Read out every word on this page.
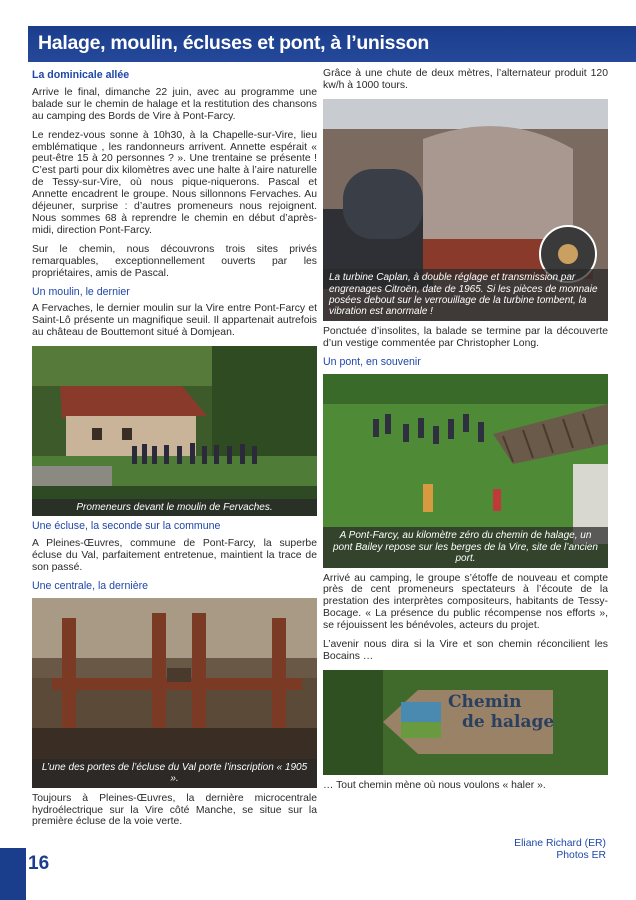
Halage, moulin, écluses et pont, à l’unisson
La dominicale allée

Arrive le final, dimanche 22 juin, avec au programme une balade sur le chemin de halage et la restitution des chansons au camping des Bords de Vire à Pont-Farcy.

Le rendez-vous sonne à 10h30, à la Chapelle-sur-Vire, lieu emblématique , les randonneurs arrivent. Annette espérait « peut-être 15 à 20 personnes ? ». Une trentaine se présente ! C’est parti pour dix kilomètres avec une halte à l’aire naturelle de Tessy-sur-Vire, où nous pique-niquerons. Pascal et Annette encadrent le groupe. Nous sillonnons Fervaches. Au déjeuner, surprise : d’autres promeneurs nous rejoignent. Nous sommes 68 à reprendre le chemin en début d’après-midi, direction Pont-Farcy.

Sur le chemin, nous découvrons trois sites privés remarquables, exceptionnellement ouverts par les propriétaires, amis de Pascal.

Un moulin, le dernier

A Fervaches, le dernier moulin sur la Vire entre Pont-Farcy et Saint-Lô présente un magnifique seuil. Il appartenait autrefois au château de Bouttemont situé à Domjean.

Promeneurs devant le moulin de Fervaches.
Une écluse, la seconde sur la commune

A Pleines-Œuvres, commune de Pont-Farcy, la superbe écluse du Val, parfaitement entretenue, maintient la trace de son passé.

Une centrale, la dernière
L’une des portes de l’écluse du Val porte l’inscription « 1905 ».

Toujours à Pleines-Œuvres, la dernière microcentrale hydroélectrique sur la Vire côté Manche, se situe sur la première écluse de la voie verte.

Grâce à une chute de deux mètres, l’alternateur produit 120 kw/h à 1000 tours.

La turbine Caplan, à double réglage et transmission par engrenages Citroën, date de 1965. Si les pièces de monnaie posées debout sur le verrouillage de la turbine tombent, la vibration est anormale !

Ponctuée d’insolites, la balade se termine par la découverte d’un vestige commentée par Christopher Long.

Un pont, en souvenir
A Pont-Farcy, au kilomètre zéro du chemin de halage, un pont Bailey repose sur les berges de la Vire, site de l’ancien port.

Arrivé au camping, le groupe s’étoffe de nouveau et compte près de cent promeneurs spectateurs à l’écoute de la prestation des interprètes compositeurs, habitants de Tessy-Bocage. « La présence du public récompense nos efforts », se réjouissent les bénévoles, acteurs du projet.

L’avenir nous dira si la Vire et son chemin réconcilient les Bocains …

Chemin
de halage

… Tout chemin mène où nous voulons « haler ».

Eliane Richard (ER)
Photos ER
16
